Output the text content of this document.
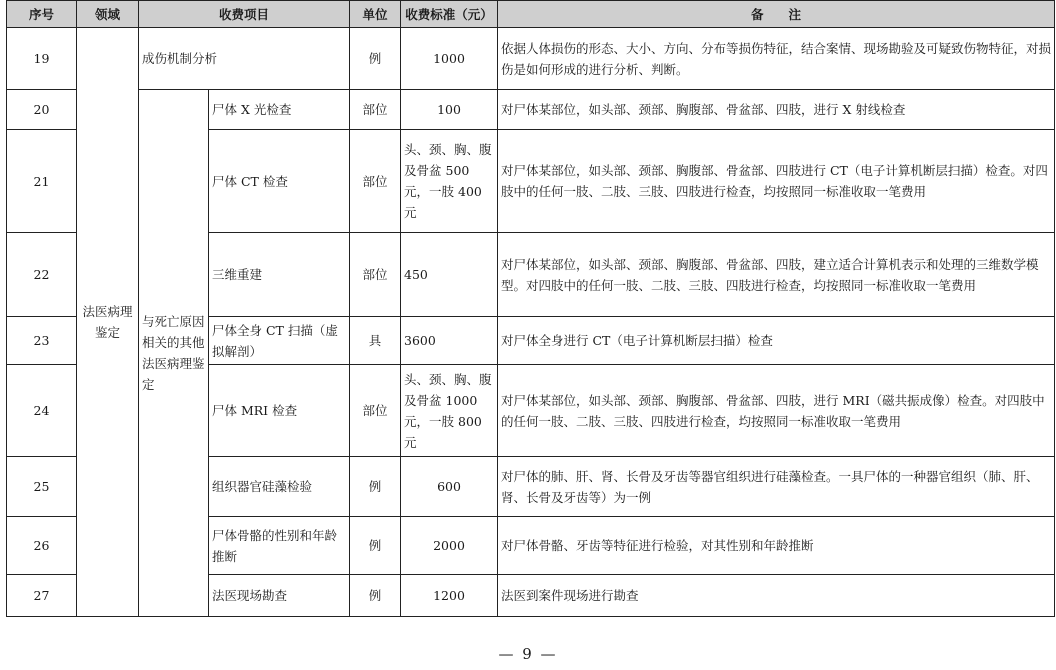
序号	领域	收费项目		单位	收费标准（元）	备　　注
19	法医病理鉴定	成伤机制分析		例	1000	依据人体损伤的形态、大小、方向、分布等损伤特征，结合案情、现场勘验及可疑致伤物特征，对损伤是如何形成的进行分析、判断。
20		与死亡原因相关的其他法医病理鉴定	尸体 X 光检查	部位	100	对尸体某部位，如头部、颈部、胸腹部、骨盆部、四肢，进行 X 射线检查
21			尸体 CT 检查	部位	头、颈、胸、腹及骨盆 500 元，一肢 400 元	对尸体某部位，如头部、颈部、胸腹部、骨盆部、四肢进行 CT（电子计算机断层扫描）检查。对四肢中的任何一肢、二肢、三肢、四肢进行检查，均按照同一标准收取一笔费用
22			三维重建	部位	450	对尸体某部位，如头部、颈部、胸腹部、骨盆部、四肢，建立适合计算机表示和处理的三维数学模型。对四肢中的任何一肢、二肢、三肢、四肢进行检查，均按照同一标准收取一笔费用
23			尸体全身 CT 扫描（虚拟解剖）	具	3600	对尸体全身进行 CT（电子计算机断层扫描）检查
24			尸体 MRI 检查	部位	头、颈、胸、腹及骨盆 1000 元，一肢 800 元	对尸体某部位，如头部、颈部、胸腹部、骨盆部、四肢，进行 MRI（磁共振成像）检查。对四肢中的任何一肢、二肢、三肢、四肢进行检查，均按照同一标准收取一笔费用
25			组织器官硅藻检验	例	600	对尸体的肺、肝、肾、长骨及牙齿等器官组织进行硅藻检查。一具尸体的一种器官组织（肺、肝、肾、长骨及牙齿等）为一例
26			尸体骨骼的性别和年龄推断	例	2000	对尸体骨骼、牙齿等特征进行检验，对其性别和年龄推断
27			法医现场勘查	例	1200	法医到案件现场进行勘查
— 9 —
